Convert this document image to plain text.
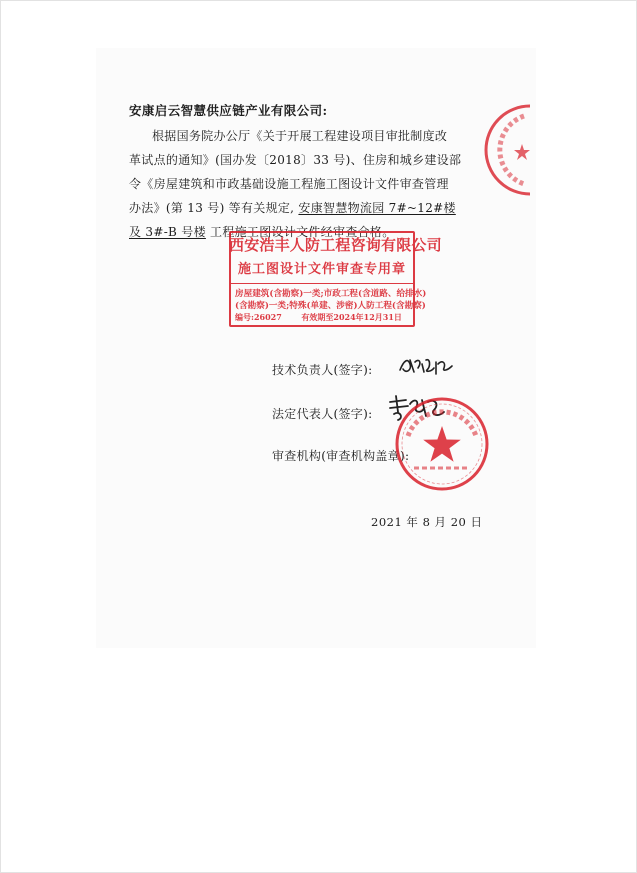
安康启云智慧供应链产业有限公司:
根据国务院办公厅《关于开展工程建设项目审批制度改
革试点的通知》(国办发〔2018〕33 号)、住房和城乡建设部
令《房屋建筑和市政基础设施工程施工图设计文件审查管理
办法》(第 13 号) 等有关规定, 安康智慧物流园 7#~12#楼
及 3#-B 号楼 工程施工图设计文件经审查合格。
西安浩丰人防工程咨询有限公司
施工图设计文件审查专用章
房屋建筑(含勘察)一类;市政工程(含道路、给排水)
(含勘察)一类;特殊(单建、涉密)人防工程(含勘察)
编号:26027 有效期至2024年12月31日
技术负责人(签字):
法定代表人(签字):
审查机构(审查机构盖章):
2021 年 8 月 20 日
